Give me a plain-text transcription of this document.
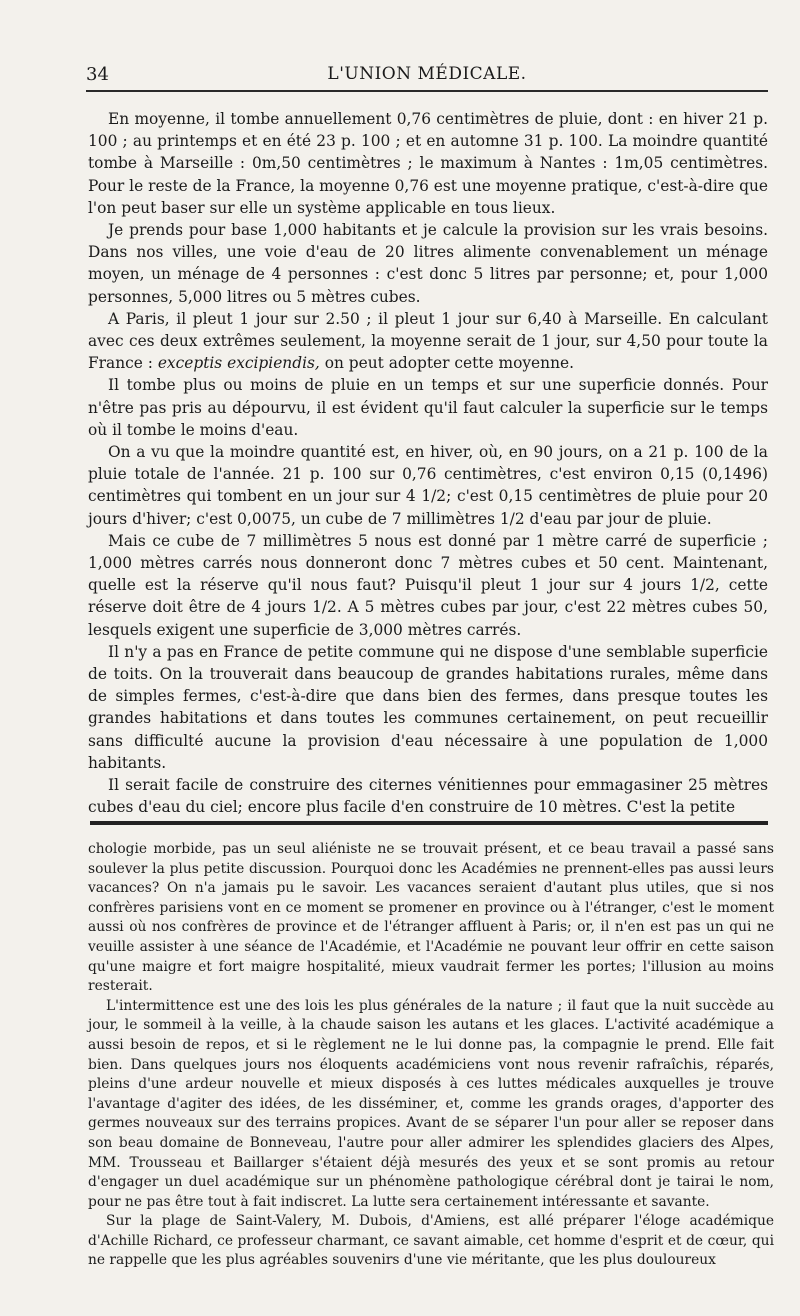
34	L'UNION MÉDICALE.

En moyenne, il tombe annuellement 0,76 centimètres de pluie, dont : en hiver 21 p. 100 ; au printemps et en été 23 p. 100 ; et en automne 31 p. 100. La moindre quantité tombe à Marseille : 0m,50 centimètres ; le maximum à Nantes : 1m,05 centimètres. Pour le reste de la France, la moyenne 0,76 est une moyenne pratique, c'est-à-dire que l'on peut baser sur elle un système applicable en tous lieux.

Je prends pour base 1,000 habitants et je calcule la provision sur les vrais besoins. Dans nos villes, une voie d'eau de 20 litres alimente convenablement un ménage moyen, un ménage de 4 personnes : c'est donc 5 litres par personne; et, pour 1,000 personnes, 5,000 litres ou 5 mètres cubes.

A Paris, il pleut 1 jour sur 2.50 ; il pleut 1 jour sur 6,40 à Marseille. En calculant avec ces deux extrêmes seulement, la moyenne serait de 1 jour, sur 4,50 pour toute la France : exceptis excipiendis, on peut adopter cette moyenne.

Il tombe plus ou moins de pluie en un temps et sur une superficie donnés. Pour n'être pas pris au dépourvu, il est évident qu'il faut calculer la superficie sur le temps où il tombe le moins d'eau.

On a vu que la moindre quantité est, en hiver, où, en 90 jours, on a 21 p. 100 de la pluie totale de l'année. 21 p. 100 sur 0,76 centimètres, c'est environ 0,15 (0,1496) centimètres qui tombent en un jour sur 4 1/2; c'est 0,15 centimètres de pluie pour 20 jours d'hiver; c'est 0,0075, un cube de 7 millimètres 1/2 d'eau par jour de pluie.

Mais ce cube de 7 millimètres 5 nous est donné par 1 mètre carré de superficie ; 1,000 mètres carrés nous donneront donc 7 mètres cubes et 50 cent. Maintenant, quelle est la réserve qu'il nous faut? Puisqu'il pleut 1 jour sur 4 jours 1/2, cette réserve doit être de 4 jours 1/2. A 5 mètres cubes par jour, c'est 22 mètres cubes 50, lesquels exigent une superficie de 3,000 mètres carrés.

Il n'y a pas en France de petite commune qui ne dispose d'une semblable superficie de toits. On la trouverait dans beaucoup de grandes habitations rurales, même dans de simples fermes, c'est-à-dire que dans bien des fermes, dans presque toutes les grandes habitations et dans toutes les communes certainement, on peut recueillir sans difficulté aucune la provision d'eau nécessaire à une population de 1,000 habitants.

Il serait facile de construire des citernes vénitiennes pour emmagasiner 25 mètres cubes d'eau du ciel; encore plus facile d'en construire de 10 mètres. C'est la petite

chologie morbide, pas un seul aliéniste ne se trouvait présent, et ce beau travail a passé sans soulever la plus petite discussion. Pourquoi donc les Académies ne prennent-elles pas aussi leurs vacances? On n'a jamais pu le savoir. Les vacances seraient d'autant plus utiles, que si nos confrères parisiens vont en ce moment se promener en province ou à l'étranger, c'est le moment aussi où nos confrères de province et de l'étranger affluent à Paris; or, il n'en est pas un qui ne veuille assister à une séance de l'Académie, et l'Académie ne pouvant leur offrir en cette saison qu'une maigre et fort maigre hospitalité, mieux vaudrait fermer les portes; l'illusion au moins resterait.

L'intermittence est une des lois les plus générales de la nature ; il faut que la nuit succède au jour, le sommeil à la veille, à la chaude saison les autans et les glaces. L'activité académique a aussi besoin de repos, et si le règlement ne le lui donne pas, la compagnie le prend. Elle fait bien. Dans quelques jours nos éloquents académiciens vont nous revenir rafraîchis, réparés, pleins d'une ardeur nouvelle et mieux disposés à ces luttes médicales auxquelles je trouve l'avantage d'agiter des idées, de les disséminer, et, comme les grands orages, d'apporter des germes nouveaux sur des terrains propices. Avant de se séparer l'un pour aller se reposer dans son beau domaine de Bonneveau, l'autre pour aller admirer les splendides glaciers des Alpes, MM. Trousseau et Baillarger s'étaient déjà mesurés des yeux et se sont promis au retour d'engager un duel académique sur un phénomène pathologique cérébral dont je tairai le nom, pour ne pas être tout à fait indiscret. La lutte sera certainement intéressante et savante.

Sur la plage de Saint-Valery, M. Dubois, d'Amiens, est allé préparer l'éloge académique d'Achille Richard, ce professeur charmant, ce savant aimable, cet homme d'esprit et de cœur, qui ne rappelle que les plus agréables souvenirs d'une vie méritante, que les plus douloureux
